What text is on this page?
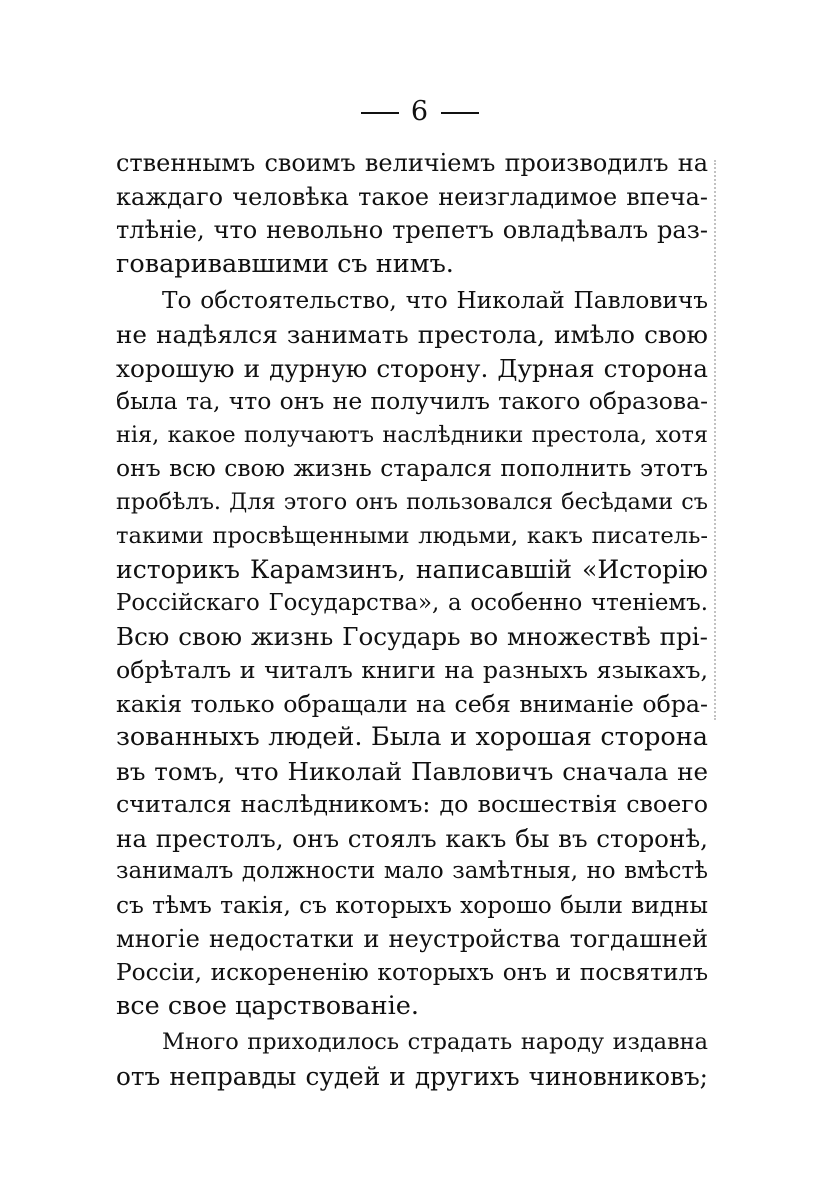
6
ственнымъ своимъ величіемъ производилъ на
каждаго человѣка такое неизгладимое впеча-
тлѣніе, что невольно трепетъ овладѣвалъ раз-
говаривавшими съ нимъ.
То обстоятельство, что Николай Павловичъ
не надѣялся занимать престола, имѣло свою
хорошую и дурную сторону. Дурная сторона
была та, что онъ не получилъ такого образова-
нія, какое получаютъ наслѣдники престола, хотя
онъ всю свою жизнь старался пополнить этотъ
пробѣлъ. Для этого онъ пользовался бесѣдами съ
такими просвѣщенными людьми, какъ писатель-
историкъ Карамзинъ, написавшій «Исторію
Россійскаго Государства», а особенно чтеніемъ.
Всю свою жизнь Государь во множествѣ прі-
обрѣталъ и читалъ книги на разныхъ языкахъ,
какія только обращали на себя вниманіе обра-
зованныхъ людей. Была и хорошая сторона
въ томъ, что Николай Павловичъ сначала не
считался наслѣдникомъ: до восшествія своего
на престолъ, онъ стоялъ какъ бы въ сторонѣ,
занималъ должности мало замѣтныя, но вмѣстѣ
съ тѣмъ такія, съ которыхъ хорошо были видны
многіе недостатки и неустройства тогдашней
Россіи, искорененію которыхъ онъ и посвятилъ
все свое царствованіе.
Много приходилось страдать народу издавна
отъ неправды судей и другихъ чиновниковъ;
